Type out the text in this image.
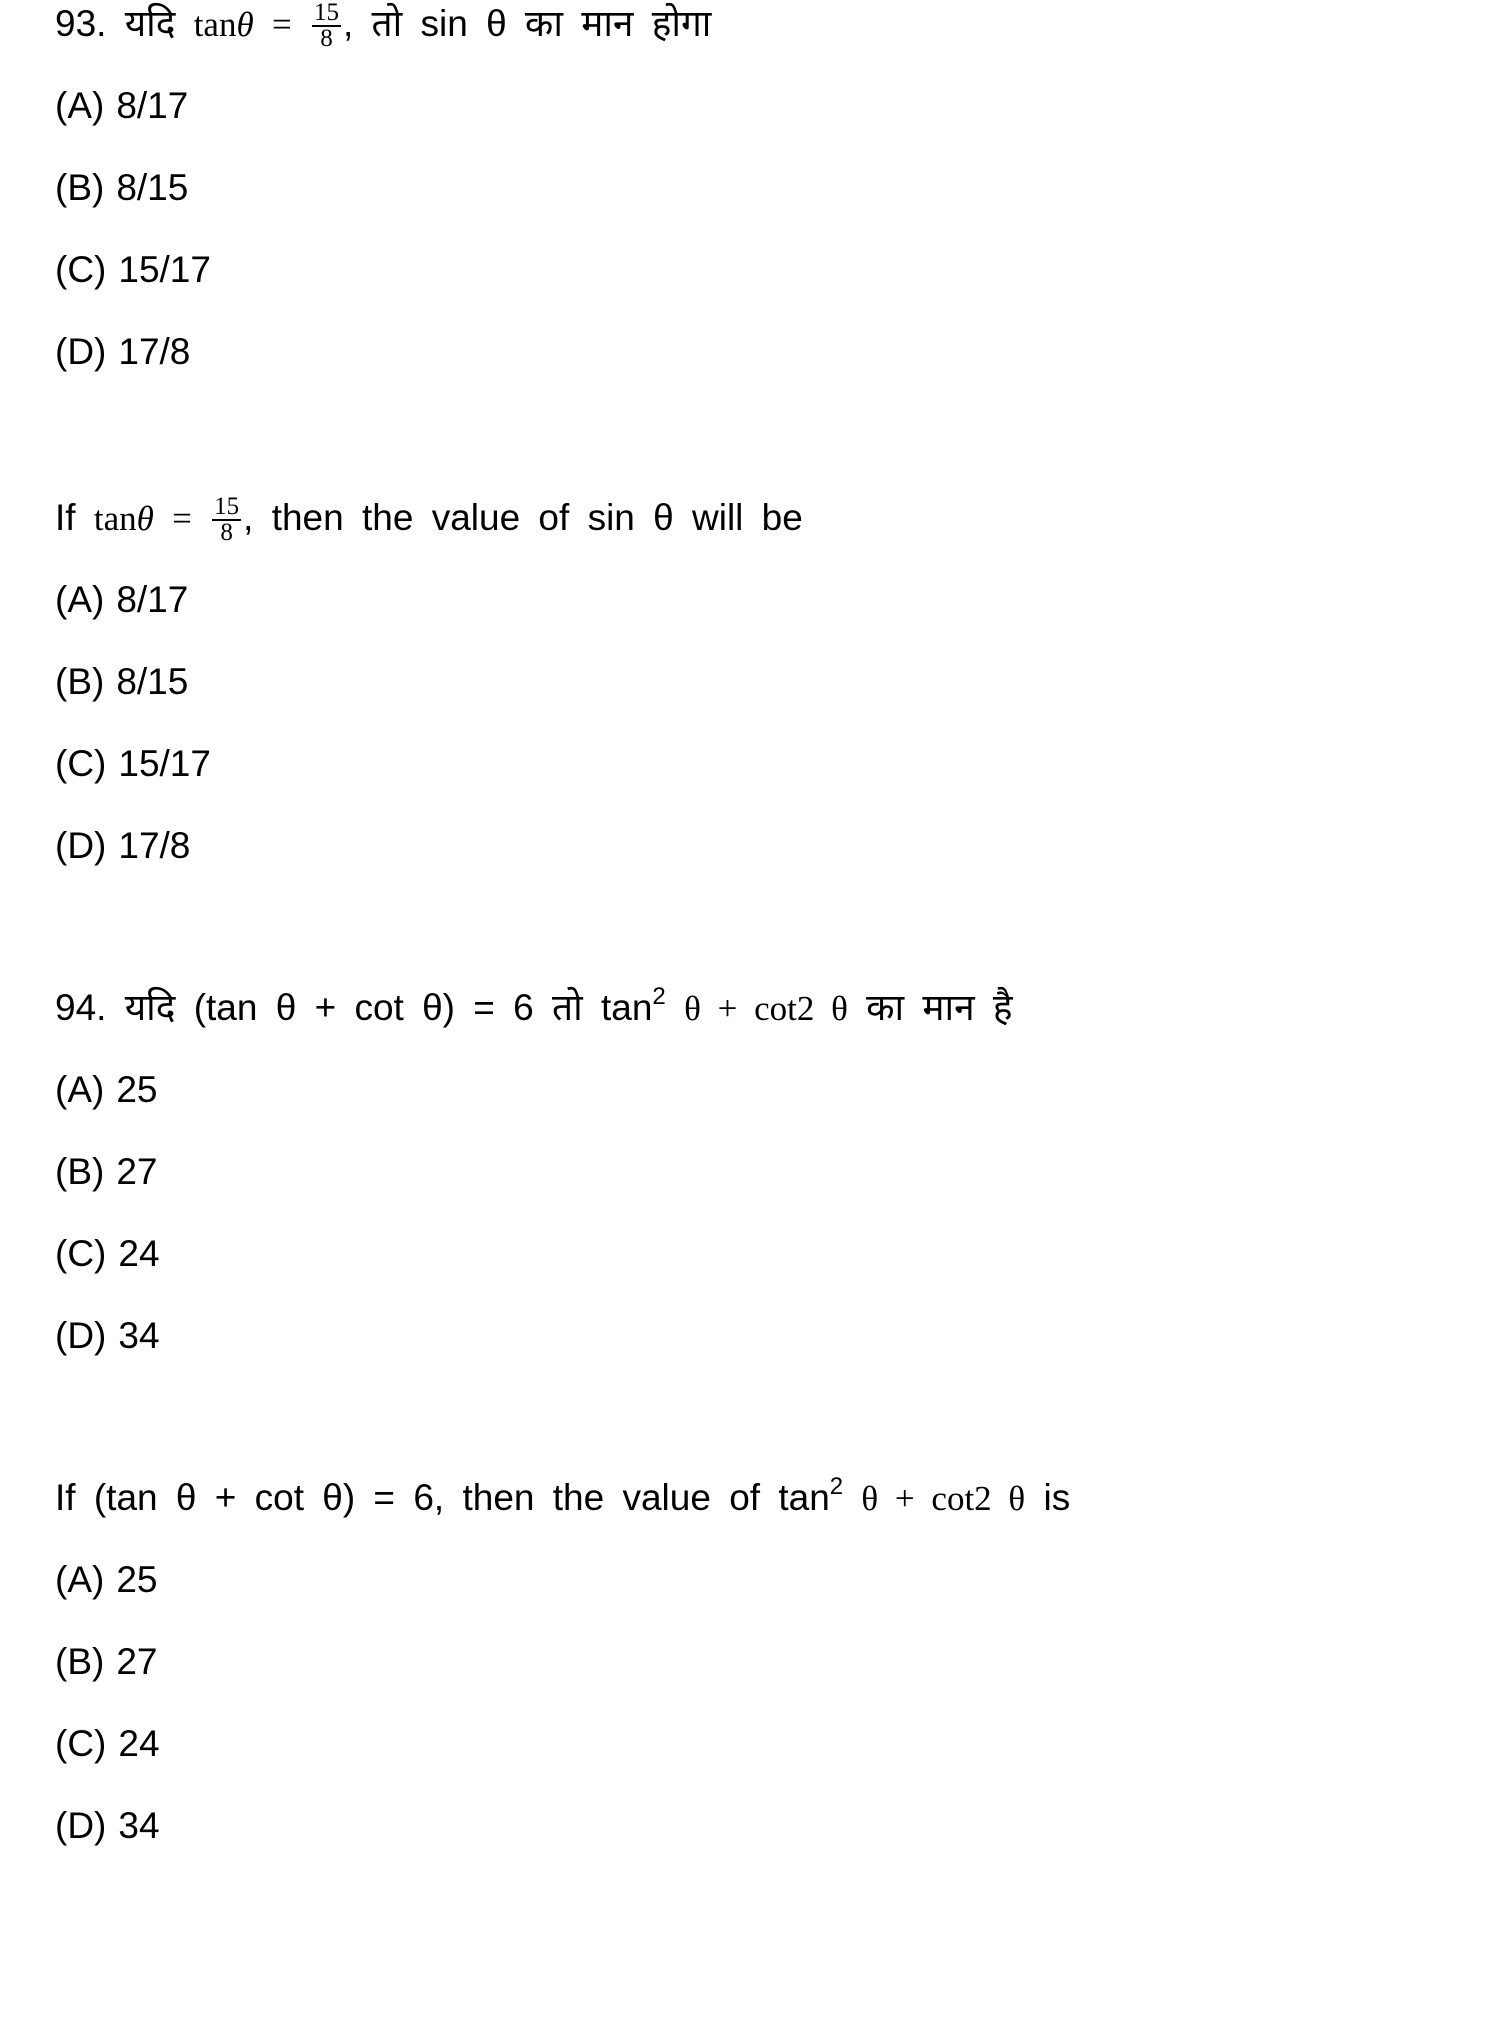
93. यदि $\tan\theta = \frac{15}{8}$ , तो sin θ का मान होगा
(A) 8/17
(B) 8/15
(C) 15/17
(D) 17/8
If $\tan\theta = \frac{15}{8}$ , then the value of sin θ will be
(A) 8/17
(B) 8/15
(C) 15/17
(D) 17/8
94. यदि (tan θ + cot θ) = 6 तो $\tan^2 \theta + \cot 2$ θ का मान है
(A) 25
(B) 27
(C) 24
(D) 34
If (tan θ + cot θ) = 6, then the value of $\tan^2 \theta + \cot 2$ θ is
(A) 25
(B) 27
(C) 24
(D) 34
